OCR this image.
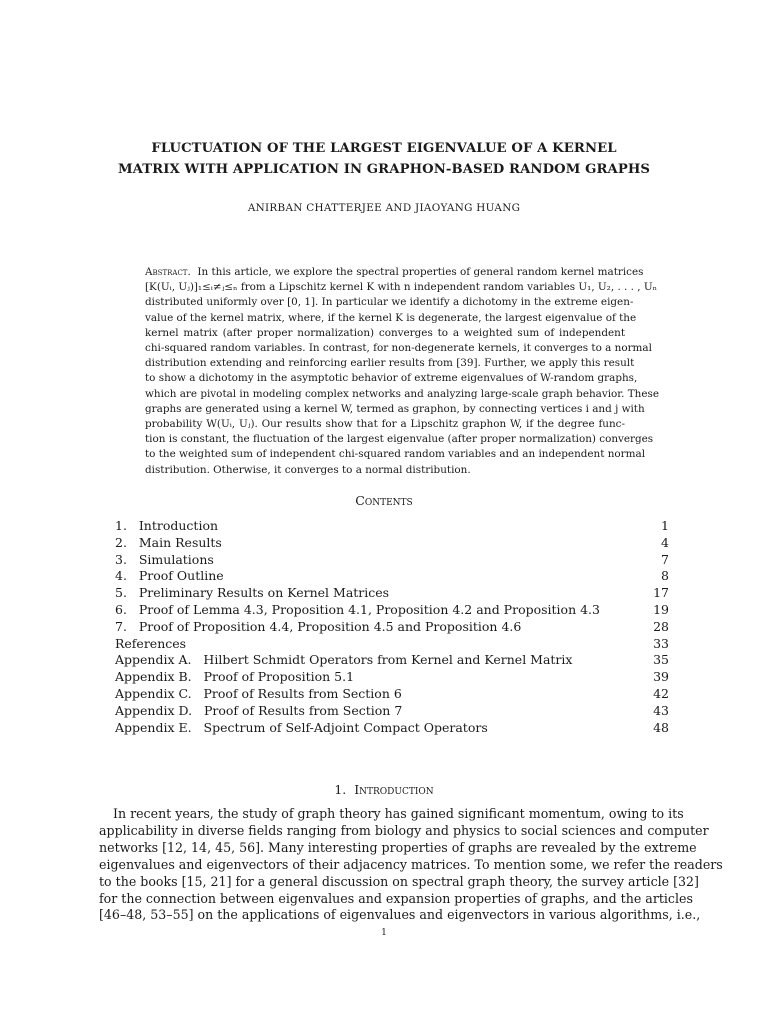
FLUCTUATION OF THE LARGEST EIGENVALUE OF A KERNEL
MATRIX WITH APPLICATION IN GRAPHON-BASED RANDOM GRAPHS
ANIRBAN CHATTERJEE AND JIAOYANG HUANG
Abstract. In this article, we explore the spectral properties of general random kernel matrices
[K(Uᵢ, Uⱼ)]₁≤ᵢ≠ⱼ≤ₙ from a Lipschitz kernel K with n independent random variables U₁, U₂, . . . , Uₙ
distributed uniformly over [0, 1]. In particular we identify a dichotomy in the extreme eigen-
value of the kernel matrix, where, if the kernel K is degenerate, the largest eigenvalue of the
kernel matrix (after proper normalization) converges to a weighted sum of independent
chi-squared random variables. In contrast, for non-degenerate kernels, it converges to a normal
distribution extending and reinforcing earlier results from [39]. Further, we apply this result
to show a dichotomy in the asymptotic behavior of extreme eigenvalues of W-random graphs,
which are pivotal in modeling complex networks and analyzing large-scale graph behavior. These
graphs are generated using a kernel W, termed as graphon, by connecting vertices i and j with
probability W(Uᵢ, Uⱼ). Our results show that for a Lipschitz graphon W, if the degree func-
tion is constant, the fluctuation of the largest eigenvalue (after proper normalization) converges
to the weighted sum of independent chi-squared random variables and an independent normal
distribution. Otherwise, it converges to a normal distribution.
Contents
1. Introduction	1
2. Main Results	4
3. Simulations	7
4. Proof Outline	8
5. Preliminary Results on Kernel Matrices	17
6. Proof of Lemma 4.3, Proposition 4.1, Proposition 4.2 and Proposition 4.3	19
7. Proof of Proposition 4.4, Proposition 4.5 and Proposition 4.6	28
References	33
Appendix A. Hilbert Schmidt Operators from Kernel and Kernel Matrix	35
Appendix B. Proof of Proposition 5.1	39
Appendix C. Proof of Results from Section 6	42
Appendix D. Proof of Results from Section 7	43
Appendix E. Spectrum of Self-Adjoint Compact Operators	48
1. Introduction
In recent years, the study of graph theory has gained significant momentum, owing to its
applicability in diverse fields ranging from biology and physics to social sciences and computer
networks [12, 14, 45, 56]. Many interesting properties of graphs are revealed by the extreme
eigenvalues and eigenvectors of their adjacency matrices. To mention some, we refer the readers
to the books [15, 21] for a general discussion on spectral graph theory, the survey article [32]
for the connection between eigenvalues and expansion properties of graphs, and the articles
[46–48, 53–55] on the applications of eigenvalues and eigenvectors in various algorithms, i.e.,
1
